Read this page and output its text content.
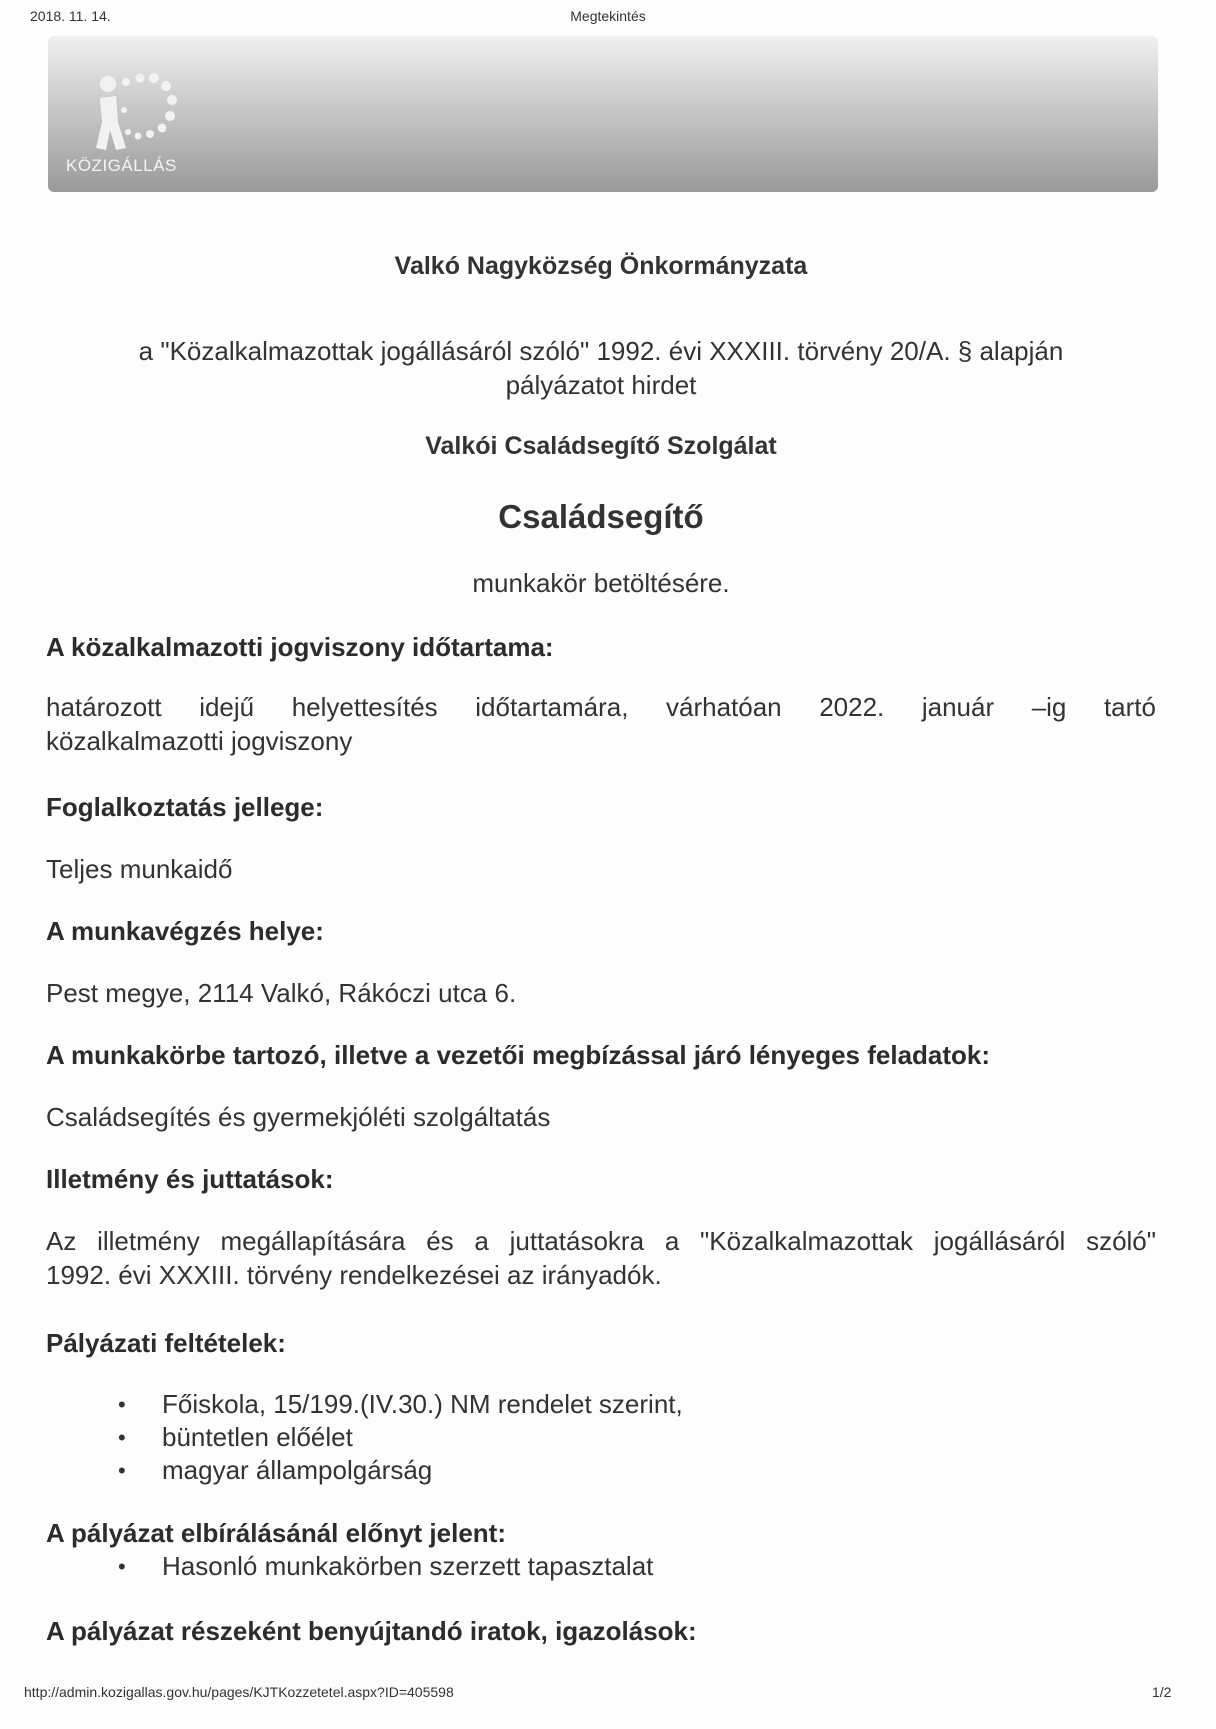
2018. 11. 14.	Megtekintés
KÖZIGÁLLÁS
Valkó Nagyközség Önkormányzata
a "Közalkalmazottak jogállásáról szóló" 1992. évi XXXIII. törvény 20/A. § alapján
pályázatot hirdet
Valkói Családsegítő Szolgálat
Családsegítő
munkakör betöltésére.
A közalkalmazotti jogviszony időtartama:
határozott idejű helyettesítés időtartamára, várhatóan 2022. január –ig tartó
közalkalmazotti jogviszony
Foglalkoztatás jellege:
Teljes munkaidő
A munkavégzés helye:
Pest megye, 2114 Valkó, Rákóczi utca 6.
A munkakörbe tartozó, illetve a vezetői megbízással járó lényeges feladatok:
Családsegítés és gyermekjóléti szolgáltatás
Illetmény és juttatások:
Az illetmény megállapítására és a juttatásokra a "Közalkalmazottak jogállásáról szóló"
1992. évi XXXIII. törvény rendelkezései az irányadók.
Pályázati feltételek:
• Főiskola, 15/199.(IV.30.) NM rendelet szerint,
• büntetlen előélet
• magyar állampolgárság
A pályázat elbírálásánál előnyt jelent:
• Hasonló munkakörben szerzett tapasztalat
A pályázat részeként benyújtandó iratok, igazolások:
http://admin.kozigallas.gov.hu/pages/KJTKozzetetel.aspx?ID=405598	1/2
